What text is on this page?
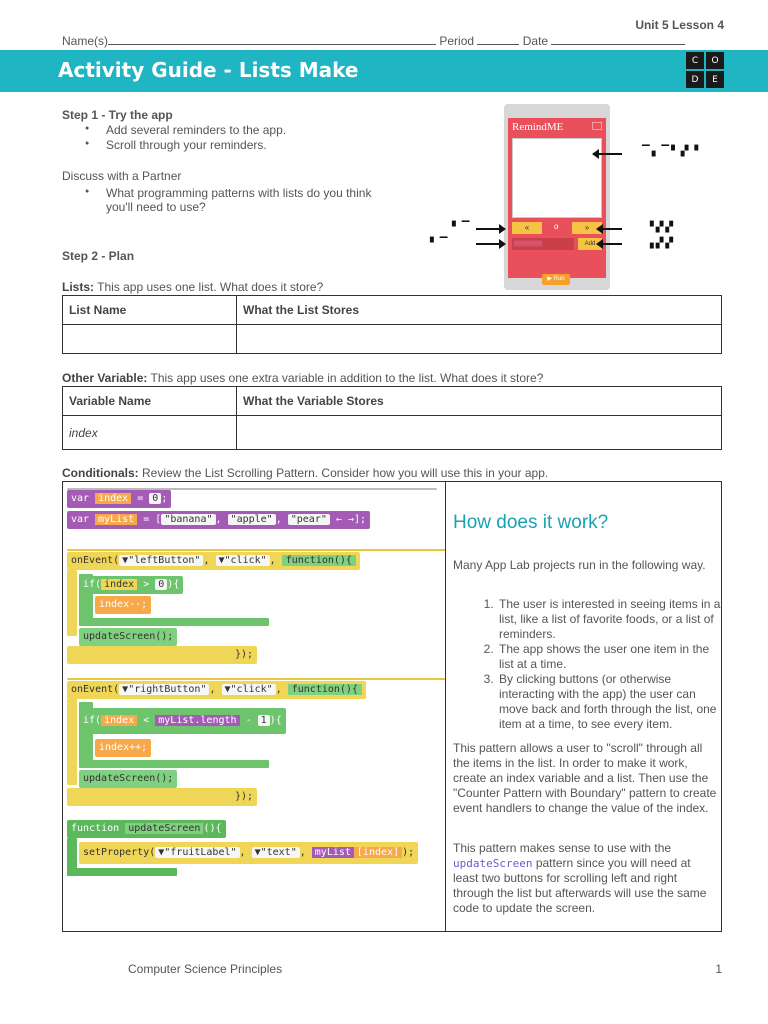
Unit 5 Lesson 4
Name(s)	Period	Date
Activity Guide - Lists Make	C	O
D	E
Step 1 - Try the app
● Add several reminders to the app.
● Scroll through your reminders.
Discuss with a Partner
● What programming patterns with lists do you think
you'll need to use?
RemindME
«	o	»
▒▒▒▒▒▒▒▒	Add
▶ Run
▔▖▔▘▞▝
▘▔	▝▞▞
▘▔	▗▞▞
Step 2 - Plan
Lists: This app uses one list. What does it store?
List Name	What the List Stores

Other Variable: This app uses one extra variable in addition to the list. What does it store?
Variable Name	What the Variable Stores
index	
Conditionals: Review the List Scrolling Pattern. Consider how you will use this in your app.
var index = 0 ;
var myList = [ "banana" , "apple" , "pear" ← →];
onEvent( ▼"leftButton" , ▼"click" , function(){
if( index > 0 ){
index--;
updateScreen();
});
onEvent( ▼"rightButton" , ▼"click" , function(){
if( index < myList.length - 1 ){
index++;
updateScreen();
});
function updateScreen (){
setProperty( ▼"fruitLabel" , ▼"text" , myList [index] );
How does it work?
Many App Lab projects run in the following way.
1. The user is interested in seeing items in a list, like a list of favorite foods, or a list of reminders.
2. The app shows the user one item in the list at a time.
3. By clicking buttons (or otherwise interacting with the app) the user can move back and forth through the list, one item at a time, to see every item.
This pattern allows a user to "scroll" through all the items in the list. In order to make it work, create an index variable and a list. Then use the "Counter Pattern with Boundary" pattern to create event handlers to change the value of the index.
This pattern makes sense to use with the updateScreen pattern since you will need at least two buttons for scrolling left and right through the list but afterwards will use the same code to update the screen.
Computer Science Principles	1
